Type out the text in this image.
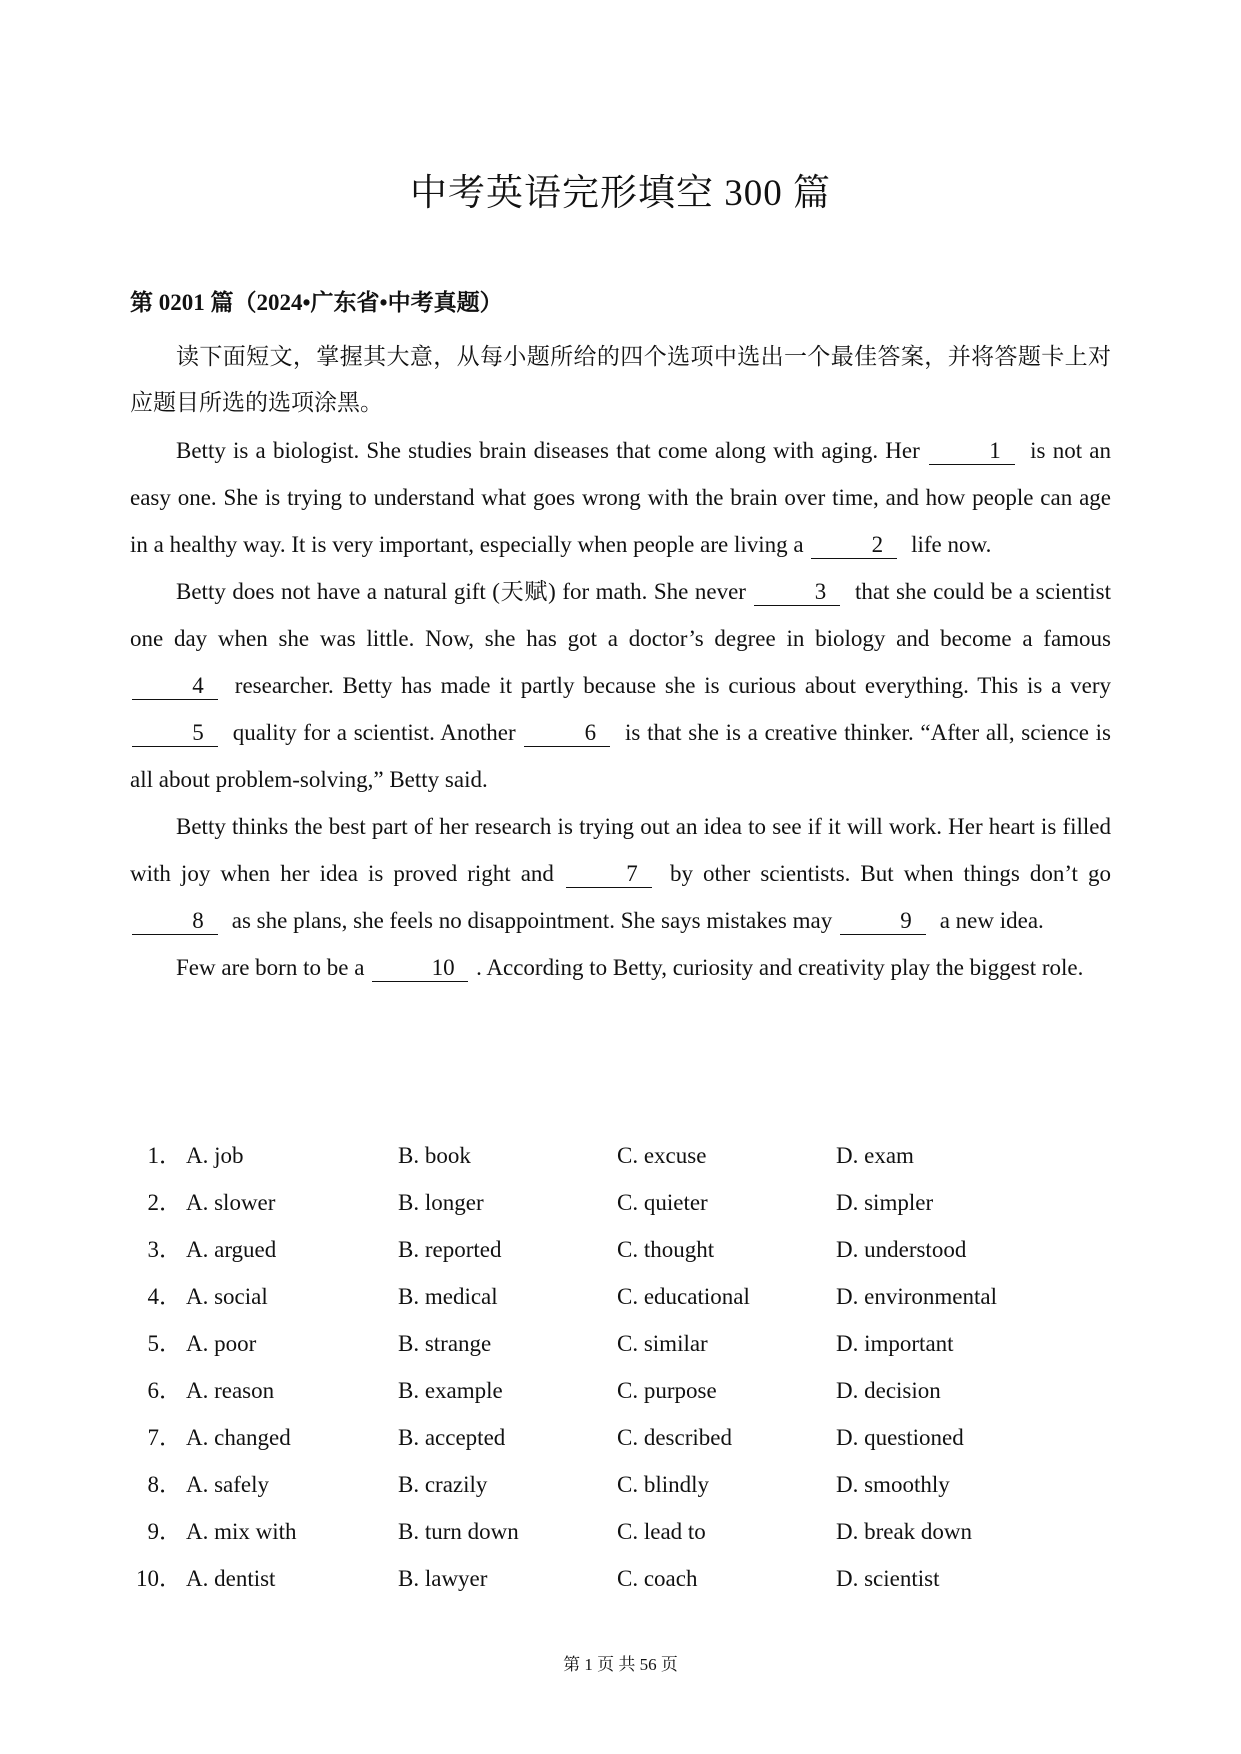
中考英语完形填空 300 篇
第 0201 篇（2024•广东省•中考真题）

读下面短文，掌握其大意，从每小题所给的四个选项中选出一个最佳答案，并将答题卡上对应题目所选的选项涂黑。

Betty is a biologist. She studies brain diseases that come along with aging. Her	1 is not an easy one. She is trying to understand what goes wrong with the brain over time, and how people can age in a healthy way. It is very important, especially when people are living a	2 life now.

Betty does not have a natural gift (天赋) for math. She never	3 that she could be a scientist one day when she was little. Now, she has got a doctor’s degree in biology and become a famous 4 researcher. Betty has made it partly because she is curious about everything. This is a very 5 quality for a scientist. Another	6 is that she is a creative thinker. “After all, science is all about problem-solving,” Betty said.

Betty thinks the best part of her research is trying out an idea to see if it will work. Her heart is filled with joy when her idea is proved right and	7 by other scientists. But when things don’t go 8 as she plans, she feels no disappointment. She says mistakes may	9 a new idea.

Few are born to be a	10 . According to Betty, curiosity and creativity play the biggest role.

1． A. job	B. book	C. excuse	D. exam
2． A. slower	B. longer	C. quieter	D. simpler
3． A. argued	B. reported	C. thought	D. understood
4． A. social	B. medical	C. educational	D. environmental
5． A. poor	B. strange	C. similar	D. important
6． A. reason	B. example	C. purpose	D. decision
7． A. changed	B. accepted	C. described	D. questioned
8． A. safely	B. crazily	C. blindly	D. smoothly
9． A. mix with	B. turn down	C. lead to	D. break down
10． A. dentist	B. lawyer	C. coach	D. scientist
第 1 页 共 56 页
